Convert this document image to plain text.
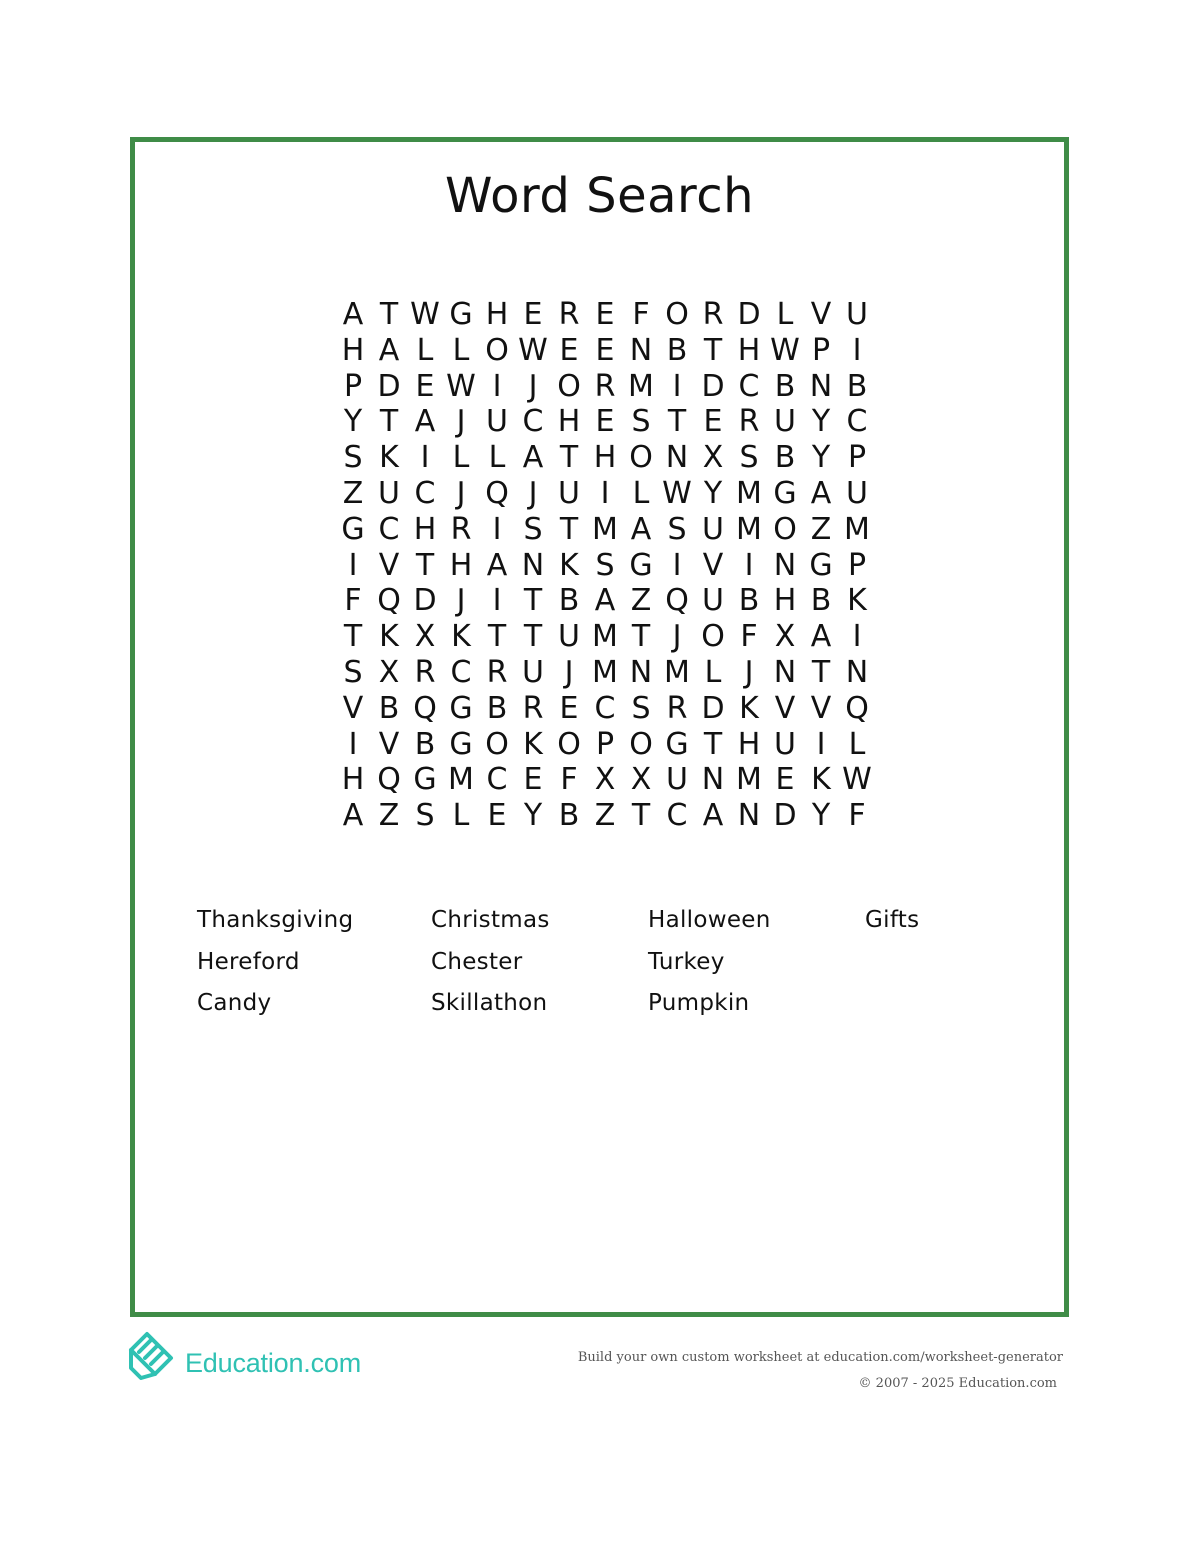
Word Search
A T W G H E R E F O R D L V U
H A L L O W E E N B T H W P I
P D E W I J O R M I D C B N B
Y T A J U C H E S T E R U Y C
S K I L L A T H O N X S B Y P
Z U C J Q J U I L W Y M G A U
G C H R I S T M A S U M O Z M
I V T H A N K S G I V I N G P
F Q D J I T B A Z Q U B H B K
T K X K T T U M T J O F X A I
S X R C R U J M N M L J N T N
V B Q G B R E C S R D K V V Q
I V B G O K O P O G T H U I L
H Q G M C E F X X U N M E K W
A Z S L E Y B Z T C A N D Y F
Thanksgiving	Christmas	Halloween	Gifts
Hereford	Chester	Turkey
Candy	Skillathon	Pumpkin
Education.com	Build your own custom worksheet at education.com/worksheet-generator
© 2007 - 2025 Education.com
